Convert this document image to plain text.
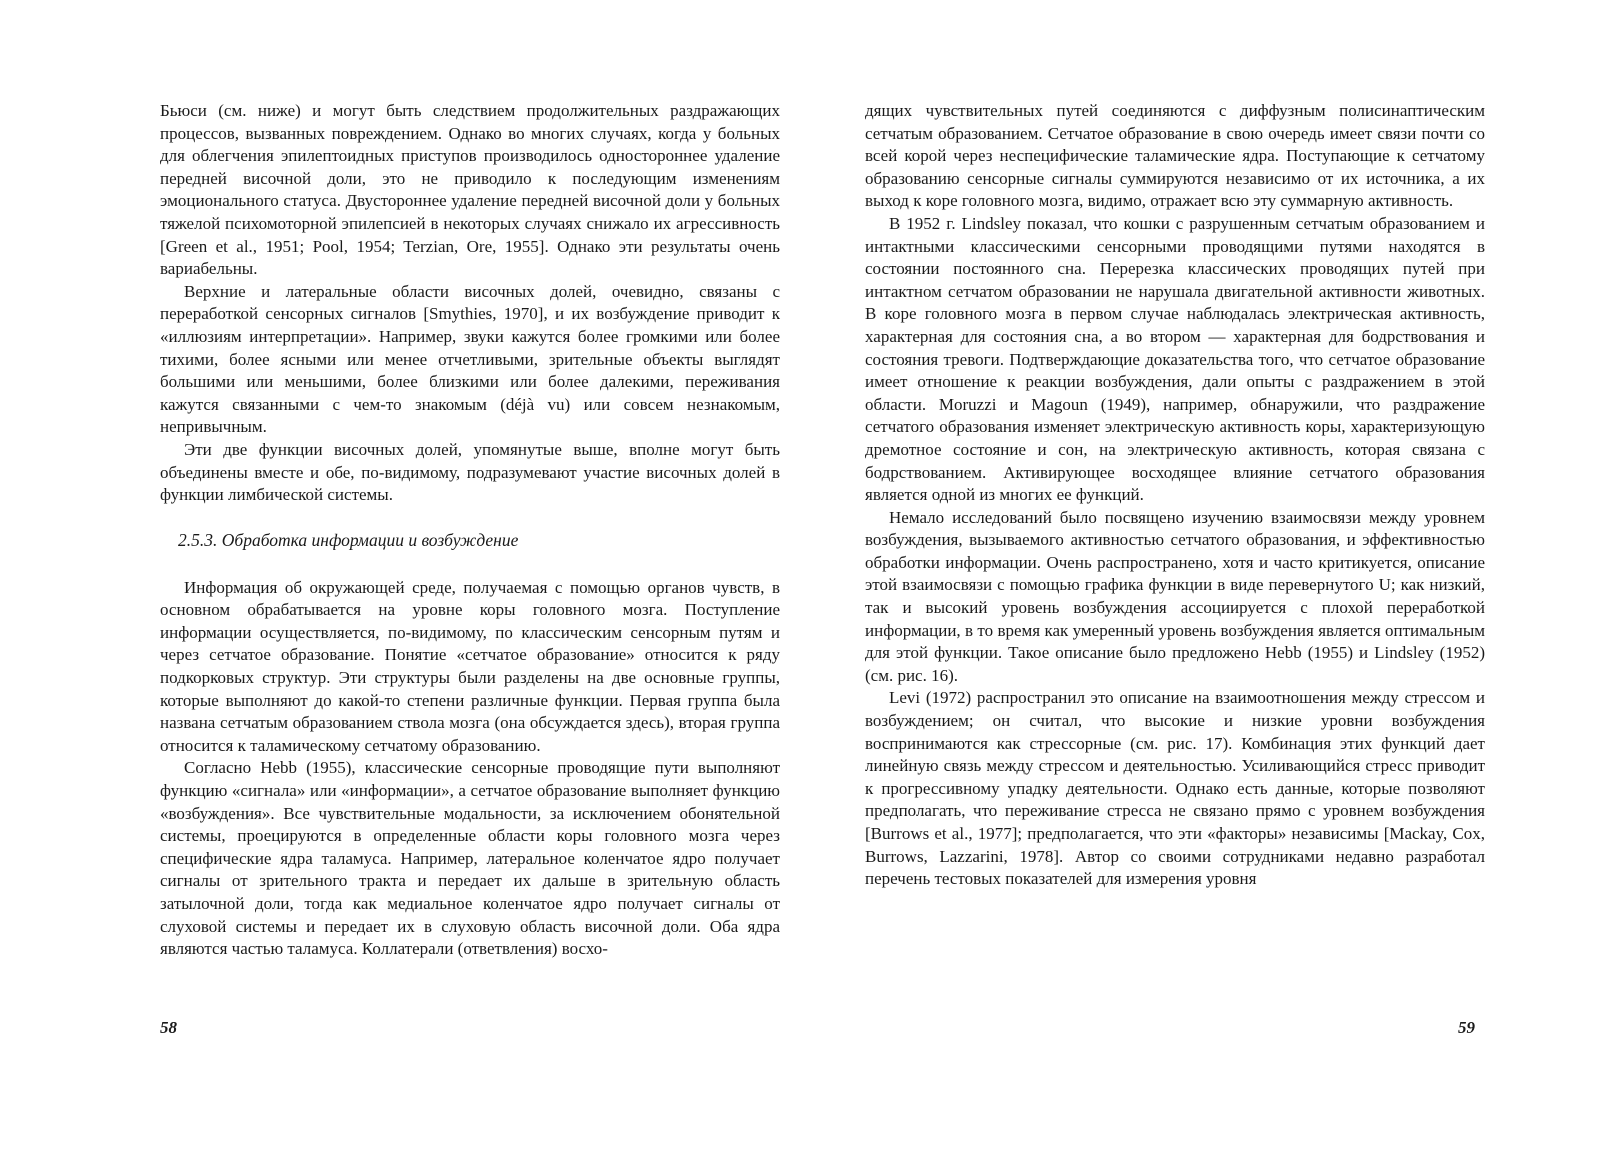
Бьюси (см. ниже) и могут быть следствием продолжительных раздражающих процессов, вызванных повреждением. Однако во многих случаях, когда у больных для облегчения эпилептоидных приступов производилось одностороннее удаление передней височной доли, это не приводило к последующим изменениям эмоционального статуса. Двустороннее удаление передней височной доли у больных тяжелой психомоторной эпилепсией в некоторых случаях снижало их агрессивность [Green et al., 1951; Pool, 1954; Terzian, Ore, 1955]. Однако эти результаты очень вариабельны.

Верхние и латеральные области височных долей, очевидно, связаны с переработкой сенсорных сигналов [Smythies, 1970], и их возбуждение приводит к «иллюзиям интерпретации». Например, звуки кажутся более громкими или более тихими, более ясными или менее отчетливыми, зрительные объекты выглядят большими или меньшими, более близкими или более далекими, переживания кажутся связанными с чем-то знакомым (déjà vu) или совсем незнакомым, непривычным.

Эти две функции височных долей, упомянутые выше, вполне могут быть объединены вместе и обе, по-видимому, подразумевают участие височных долей в функции лимбической системы.

2.5.3. Обработка информации и возбуждение

Информация об окружающей среде, получаемая с помощью органов чувств, в основном обрабатывается на уровне коры головного мозга. Поступление информации осуществляется, по-видимому, по классическим сенсорным путям и через сетчатое образование. Понятие «сетчатое образование» относится к ряду подкорковых структур. Эти структуры были разделены на две основные группы, которые выполняют до какой-то степени различные функции. Первая группа была названа сетчатым образованием ствола мозга (она обсуждается здесь), вторая группа относится к таламическому сетчатому образованию.

Согласно Hebb (1955), классические сенсорные проводящие пути выполняют функцию «сигнала» или «информации», а сетчатое образование выполняет функцию «возбуждения». Все чувствительные модальности, за исключением обонятельной системы, проецируются в определенные области коры головного мозга через специфические ядра таламуса. Например, латеральное коленчатое ядро получает сигналы от зрительного тракта и передает их дальше в зрительную область затылочной доли, тогда как медиальное коленчатое ядро получает сигналы от слуховой системы и передает их в слуховую область височной доли. Оба ядра являются частью таламуса. Коллатерали (ответвления) восхо-

дящих чувствительных путей соединяются с диффузным полисинаптическим сетчатым образованием. Сетчатое образование в свою очередь имеет связи почти со всей корой через неспецифические таламические ядра. Поступающие к сетчатому образованию сенсорные сигналы суммируются независимо от их источника, а их выход к коре головного мозга, видимо, отражает всю эту суммарную активность.

В 1952 г. Lindsley показал, что кошки с разрушенным сетчатым образованием и интактными классическими сенсорными проводящими путями находятся в состоянии постоянного сна. Перерезка классических проводящих путей при интактном сетчатом образовании не нарушала двигательной активности животных. В коре головного мозга в первом случае наблюдалась электрическая активность, характерная для состояния сна, а во втором — характерная для бодрствования и состояния тревоги. Подтверждающие доказательства того, что сетчатое образование имеет отношение к реакции возбуждения, дали опыты с раздражением в этой области. Moruzzi и Magoun (1949), например, обнаружили, что раздражение сетчатого образования изменяет электрическую активность коры, характеризующую дремотное состояние и сон, на электрическую активность, которая связана с бодрствованием. Активирующее восходящее влияние сетчатого образования является одной из многих ее функций.

Немало исследований было посвящено изучению взаимосвязи между уровнем возбуждения, вызываемого активностью сетчатого образования, и эффективностью обработки информации. Очень распространено, хотя и часто критикуется, описание этой взаимосвязи с помощью графика функции в виде перевернутого U; как низкий, так и высокий уровень возбуждения ассоциируется с плохой переработкой информации, в то время как умеренный уровень возбуждения является оптимальным для этой функции. Такое описание было предложено Hebb (1955) и Lindsley (1952) (см. рис. 16).

Levi (1972) распространил это описание на взаимоотношения между стрессом и возбуждением; он считал, что высокие и низкие уровни возбуждения воспринимаются как стрессорные (см. рис. 17). Комбинация этих функций дает линейную связь между стрессом и деятельностью. Усиливающийся стресс приводит к прогрессивному упадку деятельности. Однако есть данные, которые позволяют предполагать, что переживание стресса не связано прямо с уровнем возбуждения [Burrows et al., 1977]; предполагается, что эти «факторы» независимы [Mackay, Cox, Burrows, Lazzarini, 1978]. Автор со своими сотрудниками недавно разработал перечень тестовых показателей для измерения уровня

58	59
